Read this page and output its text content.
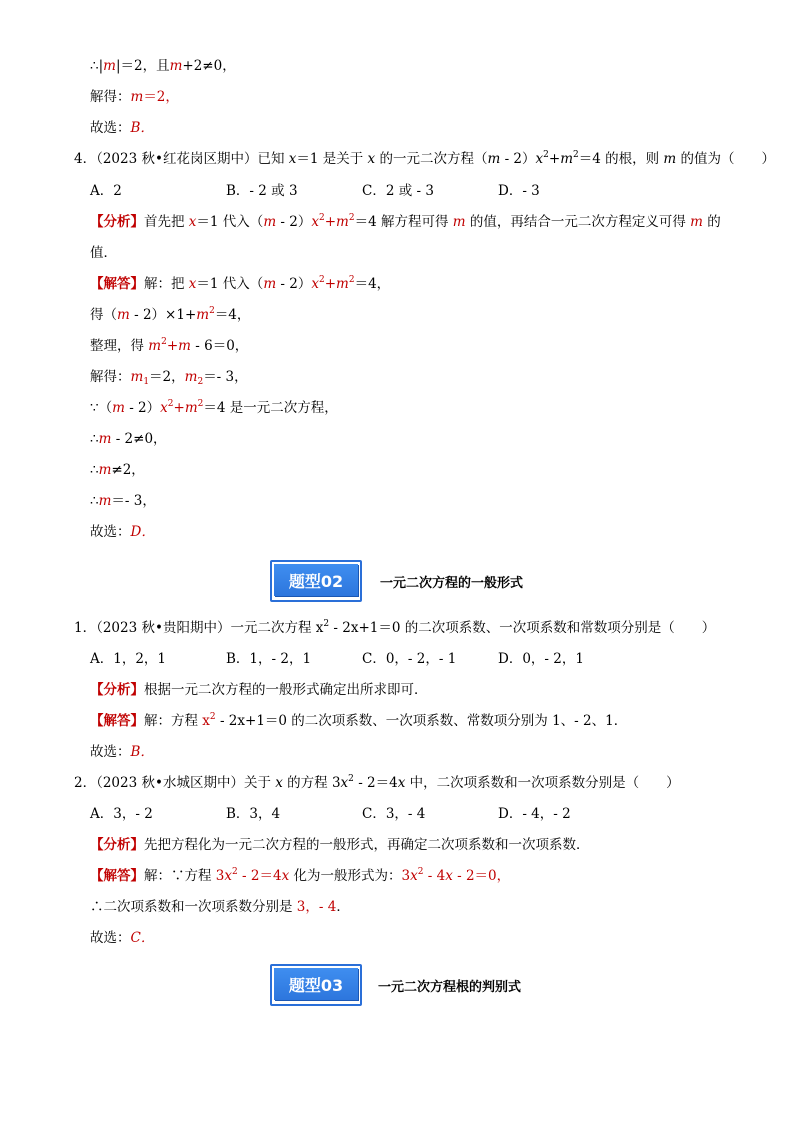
∴|m|＝2，且m+2≠0，
解得：m＝2，
故选：B．
4．（2023 秋•红花岗区期中）已知 x＝1 是关于 x 的一元二次方程$(m - 2)x^2+m^2=4$ 的根，则 m 的值为（　　）
A．2	B．- 2 或 3	C．2 或 - 3	D．- 3
【分析】首先把 x＝1 代入$(m - 2)x^2+m^2=4$ 解方程可得 m 的值，再结合一元二次方程定义可得 m 的
值．
【解答】解：把 x＝1 代入$(m - 2)x^2+m^2=4$，
得$(m - 2)\times 1+m^2=4$，
整理，得 $m^2+m - 6=0$，
解得：$m_1=2$，$m_2=-$ 3，
∵（m - $2)x^2+m^2=4$ 是一元二次方程，
∴m - 2≠0，
∴m≠2，
∴m＝- 3，
故选：D．
题型02	一元二次方程的一般形式
1．（2023 秋•贵阳期中）一元二次方程 $x^2 - 2x+1=0$ 的二次项系数、一次项系数和常数项分别是（　　）
A．1，2，1	B．1，- 2，1	C．0，- 2，- 1	D．0，- 2，1
【分析】根据一元二次方程的一般形式确定出所求即可．
【解答】解：方程 $x^2 - 2x+1=0$ 的二次项系数、一次项系数、常数项分别为 1、- 2、1．
故选：B．
2．（2023 秋•水城区期中）关于 x 的方程 $3x^2 - 2=4x$ 中，二次项系数和一次项系数分别是（　　）
A．3，- 2	B．3，4	C．3，- 4	D．- 4，- 2
【分析】先把方程化为一元二次方程的一般形式，再确定二次项系数和一次项系数．
【解答】解：∵方程 $3x^2 - 2=4x$ 化为一般形式为：$3x^2 - 4x - 2=0$，
∴二次项系数和一次项系数分别是 3，- 4．
故选：C．
题型03	一元二次方程根的判别式
